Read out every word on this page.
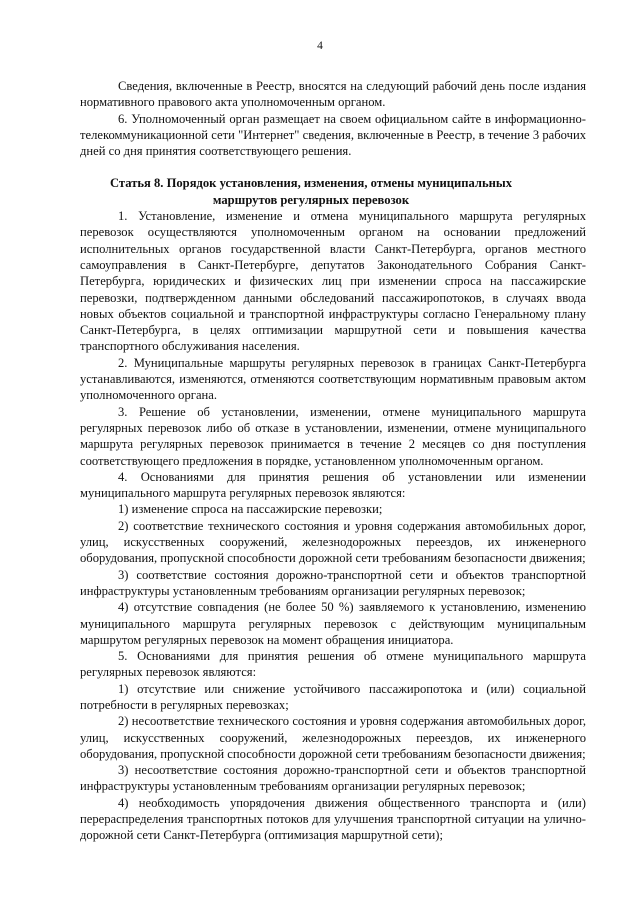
4

Сведения, включенные в Реестр, вносятся на следующий рабочий день после издания нормативного правового акта уполномоченным органом.

6. Уполномоченный орган размещает на своем официальном сайте в информационно-телекоммуникационной сети "Интернет" сведения, включенные в Реестр, в течение 3 рабочих дней со дня принятия соответствующего решения.

Статья 8. Порядок установления, изменения, отмены муниципальных
маршрутов регулярных перевозок

1. Установление, изменение и отмена муниципального маршрута регулярных перевозок осуществляются уполномоченным органом на основании предложений исполнительных органов государственной власти Санкт-Петербурга, органов местного самоуправления в Санкт-Петербурге, депутатов Законодательного Собрания Санкт-Петербурга, юридических и физических лиц при изменении спроса на пассажирские перевозки, подтвержденном данными обследований пассажиропотоков, в случаях ввода новых объектов социальной и транспортной инфраструктуры согласно Генеральному плану Санкт-Петербурга, в целях оптимизации маршрутной сети и повышения качества транспортного обслуживания населения.

2. Муниципальные маршруты регулярных перевозок в границах Санкт-Петербурга устанавливаются, изменяются, отменяются соответствующим нормативным правовым актом уполномоченного органа.

3. Решение об установлении, изменении, отмене муниципального маршрута регулярных перевозок либо об отказе в установлении, изменении, отмене муниципального маршрута регулярных перевозок принимается в течение 2 месяцев со дня поступления соответствующего предложения в порядке, установленном уполномоченным органом.

4. Основаниями для принятия решения об установлении или изменении муниципального маршрута регулярных перевозок являются:

1) изменение спроса на пассажирские перевозки;

2) соответствие технического состояния и уровня содержания автомобильных дорог, улиц, искусственных сооружений, железнодорожных переездов, их инженерного оборудования, пропускной способности дорожной сети требованиям безопасности движения;

3) соответствие состояния дорожно-транспортной сети и объектов транспортной инфраструктуры установленным требованиям организации регулярных перевозок;

4) отсутствие совпадения (не более 50 %) заявляемого к установлению, изменению муниципального маршрута регулярных перевозок с действующим муниципальным маршрутом регулярных перевозок на момент обращения инициатора.

5. Основаниями для принятия решения об отмене муниципального маршрута регулярных перевозок являются:

1) отсутствие или снижение устойчивого пассажиропотока и (или) социальной потребности в регулярных перевозках;

2) несоответствие технического состояния и уровня содержания автомобильных дорог, улиц, искусственных сооружений, железнодорожных переездов, их инженерного оборудования, пропускной способности дорожной сети требованиям безопасности движения;

3) несоответствие состояния дорожно-транспортной сети и объектов транспортной инфраструктуры установленным требованиям организации регулярных перевозок;

4) необходимость упорядочения движения общественного транспорта и (или) перераспределения транспортных потоков для улучшения транспортной ситуации на улично-дорожной сети Санкт-Петербурга (оптимизация маршрутной сети);
